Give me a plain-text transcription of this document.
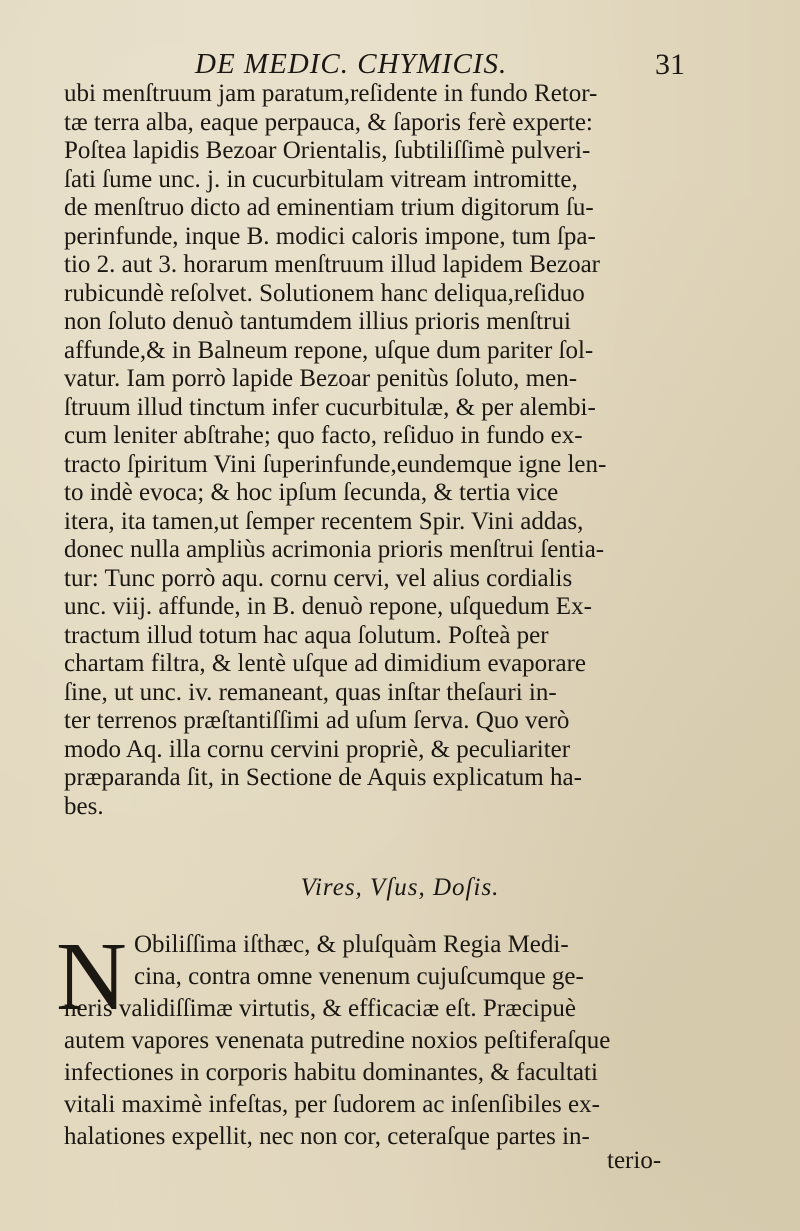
DE MEDIC. CHYMICIS.	31
ubi menſtruum jam paratum,reſidente in fundo Retor-
tæ terra alba, eaque perpauca, & ſaporis ferè experte:
Poſtea lapidis Bezoar Orientalis, ſubtiliſſimè pulveri-
ſati ſume unc. j. in cucurbitulam vitream intromitte,
de menſtruo dicto ad eminentiam trium digitorum ſu-
perinfunde, inque B. modici caloris impone, tum ſpa-
tio 2. aut 3. horarum menſtruum illud lapidem Bezoar
rubicundè reſolvet. Solutionem hanc deliqua,reſiduo
non ſoluto denuò tantumdem illius prioris menſtrui
affunde,& in Balneum repone, uſque dum pariter ſol-
vatur. Iam porrò lapide Bezoar penitùs ſoluto, men-
ſtruum illud tinctum infer cucurbitulæ, & per alembi-
cum leniter abſtrahe; quo facto, reſiduo in fundo ex-
tracto ſpiritum Vini ſuperinfunde,eundemque igne len-
to indè evoca; & hoc ipſum ſecunda, & tertia vice
itera, ita tamen,ut ſemper recentem Spir. Vini addas,
donec nulla ampliùs acrimonia prioris menſtrui ſentia-
tur: Tunc porrò aqu. cornu cervi, vel alius cordialis
unc. viij. affunde, in B. denuò repone, uſquedum Ex-
tractum illud totum hac aqua ſolutum. Poſteà per
chartam filtra, & lentè uſque ad dimidium evaporare
ſine, ut unc. iv. remaneant, quas inſtar theſauri in-
ter terrenos præſtantiſſimi ad uſum ſerva. Quo verò
modo Aq. illa cornu cervini propriè, & peculiariter
præparanda ſit, in Sectione de Aquis explicatum ha-
bes.
Vires, Vſus, Doſis.
N Obiliſſima iſthæc, & pluſquàm Regia Medi-
cina, contra omne venenum cujuſcumque ge-
neris validiſſimæ virtutis, & efficaciæ eſt. Præcipuè
autem vapores venenata putredine noxios peſtiferaſque
infectiones in corporis habitu dominantes, & facultati
vitali maximè infeſtas, per ſudorem ac inſenſibiles ex-
halationes expellit, nec non cor, ceteraſque partes in-
terio-
